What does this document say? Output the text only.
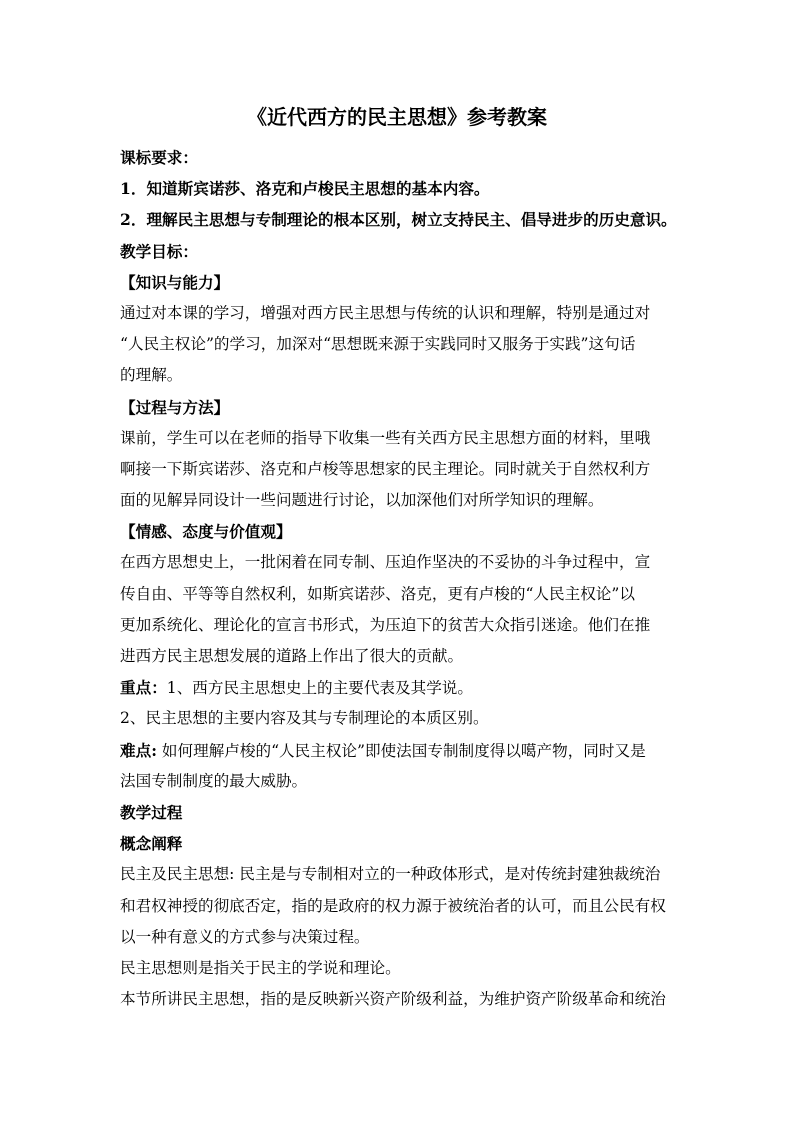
《近代西方的民主思想》参考教案
课标要求：
1．知道斯宾诺莎、洛克和卢梭民主思想的基本内容。
2．理解民主思想与专制理论的根本区别，树立支持民主、倡导进步的历史意识。
教学目标：
【知识与能力】
通过对本课的学习，增强对西方民主思想与传统的认识和理解，特别是通过对
“人民主权论”的学习，加深对“思想既来源于实践同时又服务于实践”这句话
的理解。
【过程与方法】
课前，学生可以在老师的指导下收集一些有关西方民主思想方面的材料，里哦
啊接一下斯宾诺莎、洛克和卢梭等思想家的民主理论。同时就关于自然权利方
面的见解异同设计一些问题进行讨论，以加深他们对所学知识的理解。
【情感、态度与价值观】
在西方思想史上，一批闲着在同专制、压迫作坚决的不妥协的斗争过程中，宣
传自由、平等等自然权利，如斯宾诺莎、洛克，更有卢梭的“人民主权论”以
更加系统化、理论化的宣言书形式，为压迫下的贫苦大众指引迷途。他们在推
进西方民主思想发展的道路上作出了很大的贡献。
重点：1、西方民主思想史上的主要代表及其学说。
2、民主思想的主要内容及其与专制理论的本质区别。
难点: 如何理解卢梭的“人民主权论”即使法国专制制度得以噶产物，同时又是
法国专制制度的最大威胁。
教学过程
概念阐释
民主及民主思想: 民主是与专制相对立的一种政体形式，是对传统封建独裁统治
和君权神授的彻底否定，指的是政府的权力源于被统治者的认可，而且公民有权
以一种有意义的方式参与决策过程。
民主思想则是指关于民主的学说和理论。
本节所讲民主思想，指的是反映新兴资产阶级利益，为维护资产阶级革命和统治
